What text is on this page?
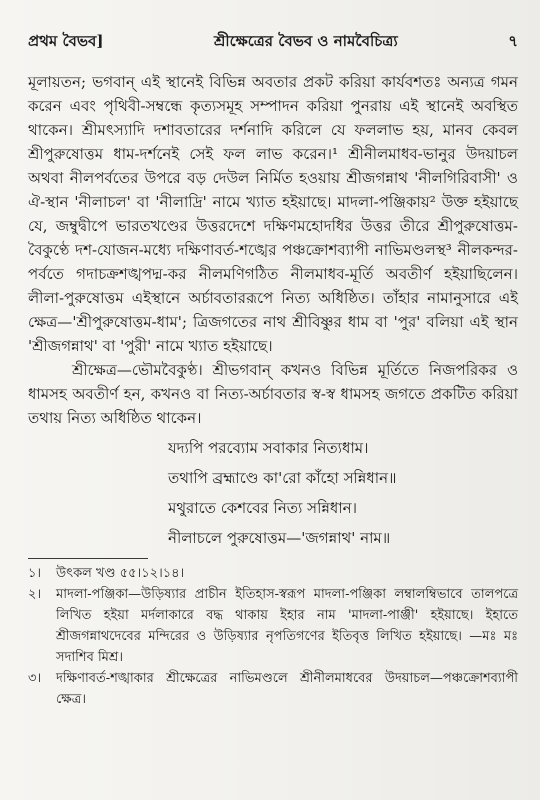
প্রথম বৈভব]	শ্রীক্ষেত্রের বৈভব ও নামবৈচিত্র্য	৭

মূলায়তন; ভগবান্ এই স্থানেই বিভিন্ন অবতার প্রকট করিয়া কার্যবশতঃ অন্যত্র গমন করেন এবং পৃথিবী-সম্বন্ধে কৃত্যসমূহ সম্পাদন করিয়া পুনরায় এই স্থানেই অবস্থিত থাকেন। শ্রীমৎস্যাদি দশাবতারের দর্শনাদি করিলে যে ফললাভ হয়, মানব কেবল শ্রীপুরুষোত্তম ধাম-দর্শনেই সেই ফল লাভ করেন।¹ শ্রীনীলমাধব-ভানুর উদয়াচল অথবা নীলপর্বতের উপরে বড় দেউল নির্মিত হওয়ায় শ্রীজগন্নাথ 'নীলগিরিবাসী' ও ঐ-স্থান 'নীলাচল' বা 'নীলাদ্রি' নামে খ্যাত হইয়াছে। মাদলা-পঞ্জিকায়² উক্ত হইয়াছে যে, জম্বুদ্বীপে ভারতখণ্ডের উত্তরদেশে দক্ষিণমহোদধির উত্তর তীরে শ্রীপুরুষোত্তম-বৈকুণ্ঠে দশ-যোজন-মধ্যে দক্ষিণাবর্ত-শঙ্খের পঞ্চক্রোশব্যাপী নাভিমণ্ডলস্থ³ নীলকন্দর-পর্বতে গদাচক্রশঙ্খপদ্ম-কর নীলমণিগঠিত নীলমাধব-মূর্তি অবতীর্ণ হইয়াছিলেন। লীলা-পুরুষোত্তম এইস্থানে অর্চাবতাররূপে নিত্য অধিষ্ঠিত। তাঁহার নামানুসারে এই ক্ষেত্র—'শ্রীপুরুষোত্তম-ধাম'; ত্রিজগতের নাথ শ্রীবিষ্ণুর ধাম বা 'পুর' বলিয়া এই স্থান 'শ্রীজগন্নাথ' বা 'পুরী' নামে খ্যাত হইয়াছে।

শ্রীক্ষেত্র—ভৌমবৈকুণ্ঠ। শ্রীভগবান্ কখনও বিভিন্ন মূর্তিতে নিজপরিকর ও ধামসহ অবতীর্ণ হন, কখনও বা নিত্য-অর্চাবতার স্ব-স্ব ধামসহ জগতে প্রকটিত করিয়া তথায় নিত্য অধিষ্ঠিত থাকেন।

যদ্যপি পরব্যোম সবাকার নিত্যধাম।
তথাপি ব্রহ্মাণ্ডে কা'রো কাঁহো সন্নিধান॥
মথুরাতে কেশবের নিত্য সন্নিধান।
নীলাচলে পুরুষোত্তম—'জগন্নাথ' নাম॥
১।	উৎকল খণ্ড ৫৫।১২।১৪।
২।	মাদলা-পঞ্জিকা—উড়িষ্যার প্রাচীন ইতিহাস-স্বরূপ মাদলা-পঞ্জিকা লম্বালম্বিভাবে তালপত্রে লিখিত হইয়া মর্দলাকারে বদ্ধ থাকায় ইহার নাম 'মাদলা-পাঞ্জী' হইয়াছে। ইহাতে শ্রীজগন্নাথদেবের মন্দিরের ও উড়িষ্যার নৃপতিগণের ইতিবৃত্ত লিখিত হইয়াছে। —মঃ মঃ সদাশিব মিশ্র।
৩।	দক্ষিণাবর্ত-শঙ্খাকার শ্রীক্ষেত্রের নাভিমণ্ডলে শ্রীনীলমাধবের উদয়াচল—পঞ্চক্রোশব্যাপী ক্ষেত্র।
